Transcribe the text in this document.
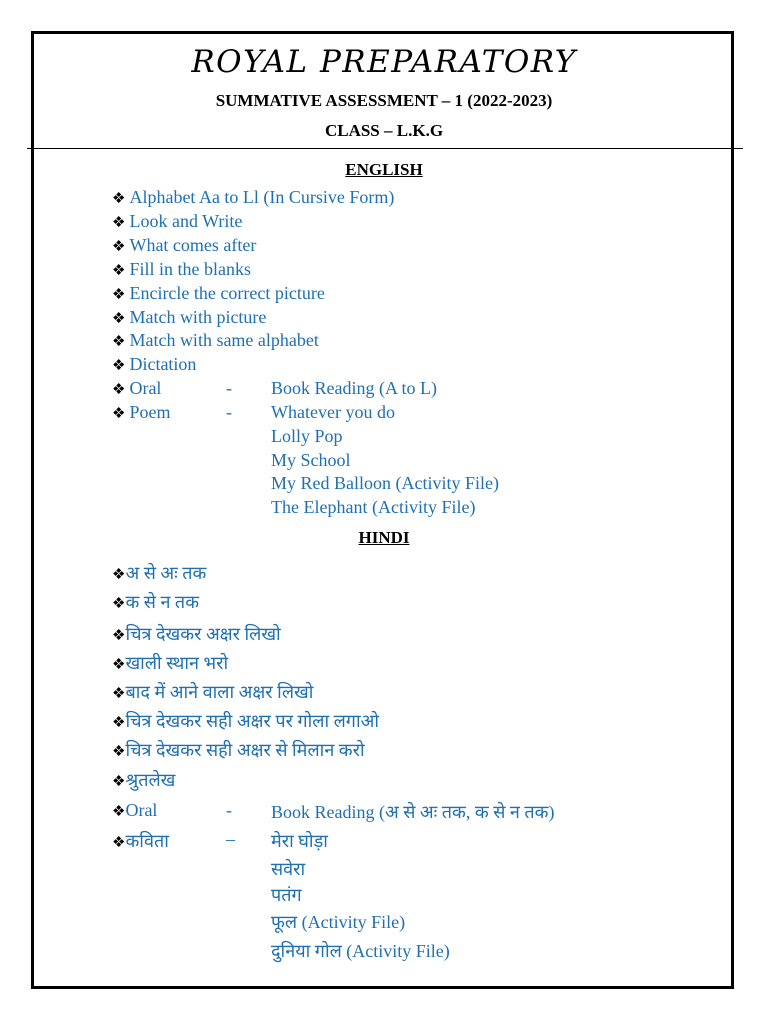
ROYAL PREPARATORY
SUMMATIVE ASSESSMENT – 1 (2022-2023)
CLASS – L.K.G
ENGLISH
❖ Alphabet Aa to Ll (In Cursive Form)
❖ Look and Write
❖ What comes after
❖ Fill in the blanks
❖ Encircle the correct picture
❖ Match with picture
❖ Match with same alphabet
❖ Dictation
❖ Oral	- Book Reading (A to L)
❖ Poem	- Whatever you do
Lolly Pop
My School
My Red Balloon (Activity File)
The Elephant (Activity File)
HINDI
❖अ से अः तक
❖क से न तक
❖चित्र देखकर अक्षर लिखो
❖खाली स्थान भरो
❖बाद में आने वाला अक्षर लिखो
❖चित्र देखकर सही अक्षर पर गोला लगाओ
❖चित्र देखकर सही अक्षर से मिलान करो
❖श्रुतलेख
❖Oral	- Book Reading (अ से अः तक, क से न तक)
❖कविता	– मेरा घोड़ा
सवेरा
पतंग
फूल (Activity File)
दुनिया गोल (Activity File)
